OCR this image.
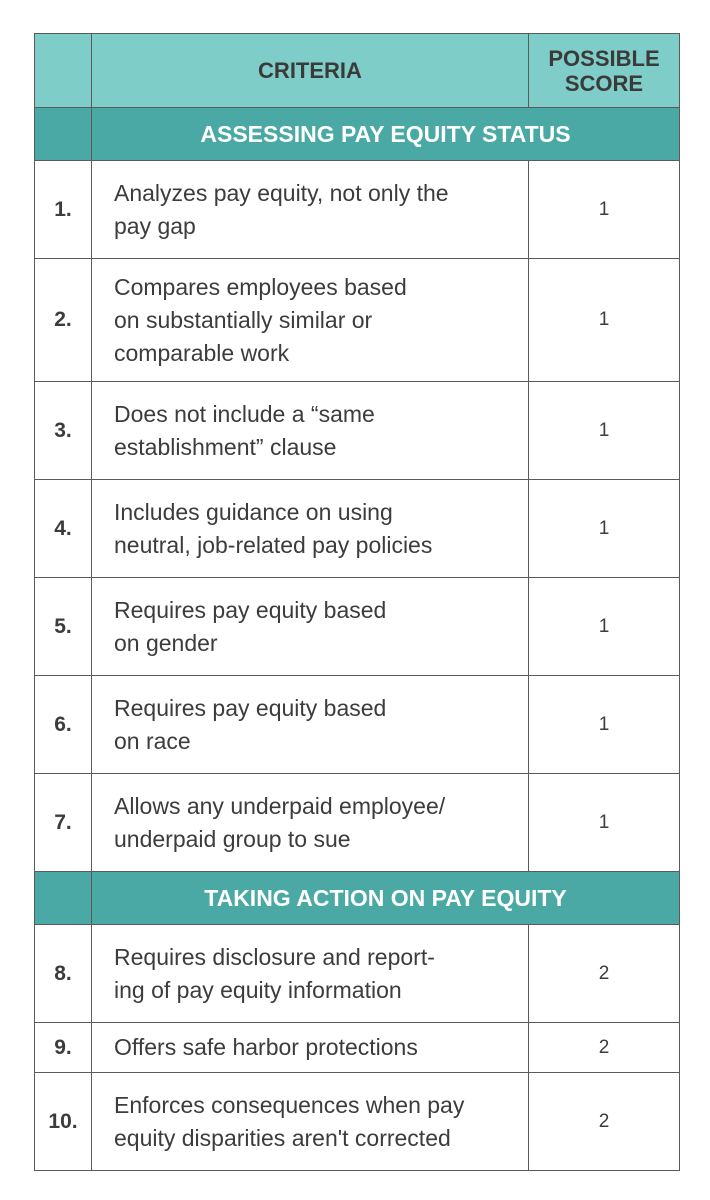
	CRITERIA	POSSIBLE
SCORE
	ASSESSING PAY EQUITY STATUS	
1.	Analyzes pay equity, not only the
pay gap	1
2.	Compares employees based
on substantially similar or
comparable work	1
3.	Does not include a “same
establishment” clause	1
4.	Includes guidance on using
neutral, job-related pay policies	1
5.	Requires pay equity based
on gender	1
6.	Requires pay equity based
on race	1
7.	Allows any underpaid employee/
underpaid group to sue	1
	TAKING ACTION ON PAY EQUITY	
8.	Requires disclosure and report-
ing of pay equity information	2
9.	Offers safe harbor protections	2
10.	Enforces consequences when pay
equity disparities aren't corrected	2
